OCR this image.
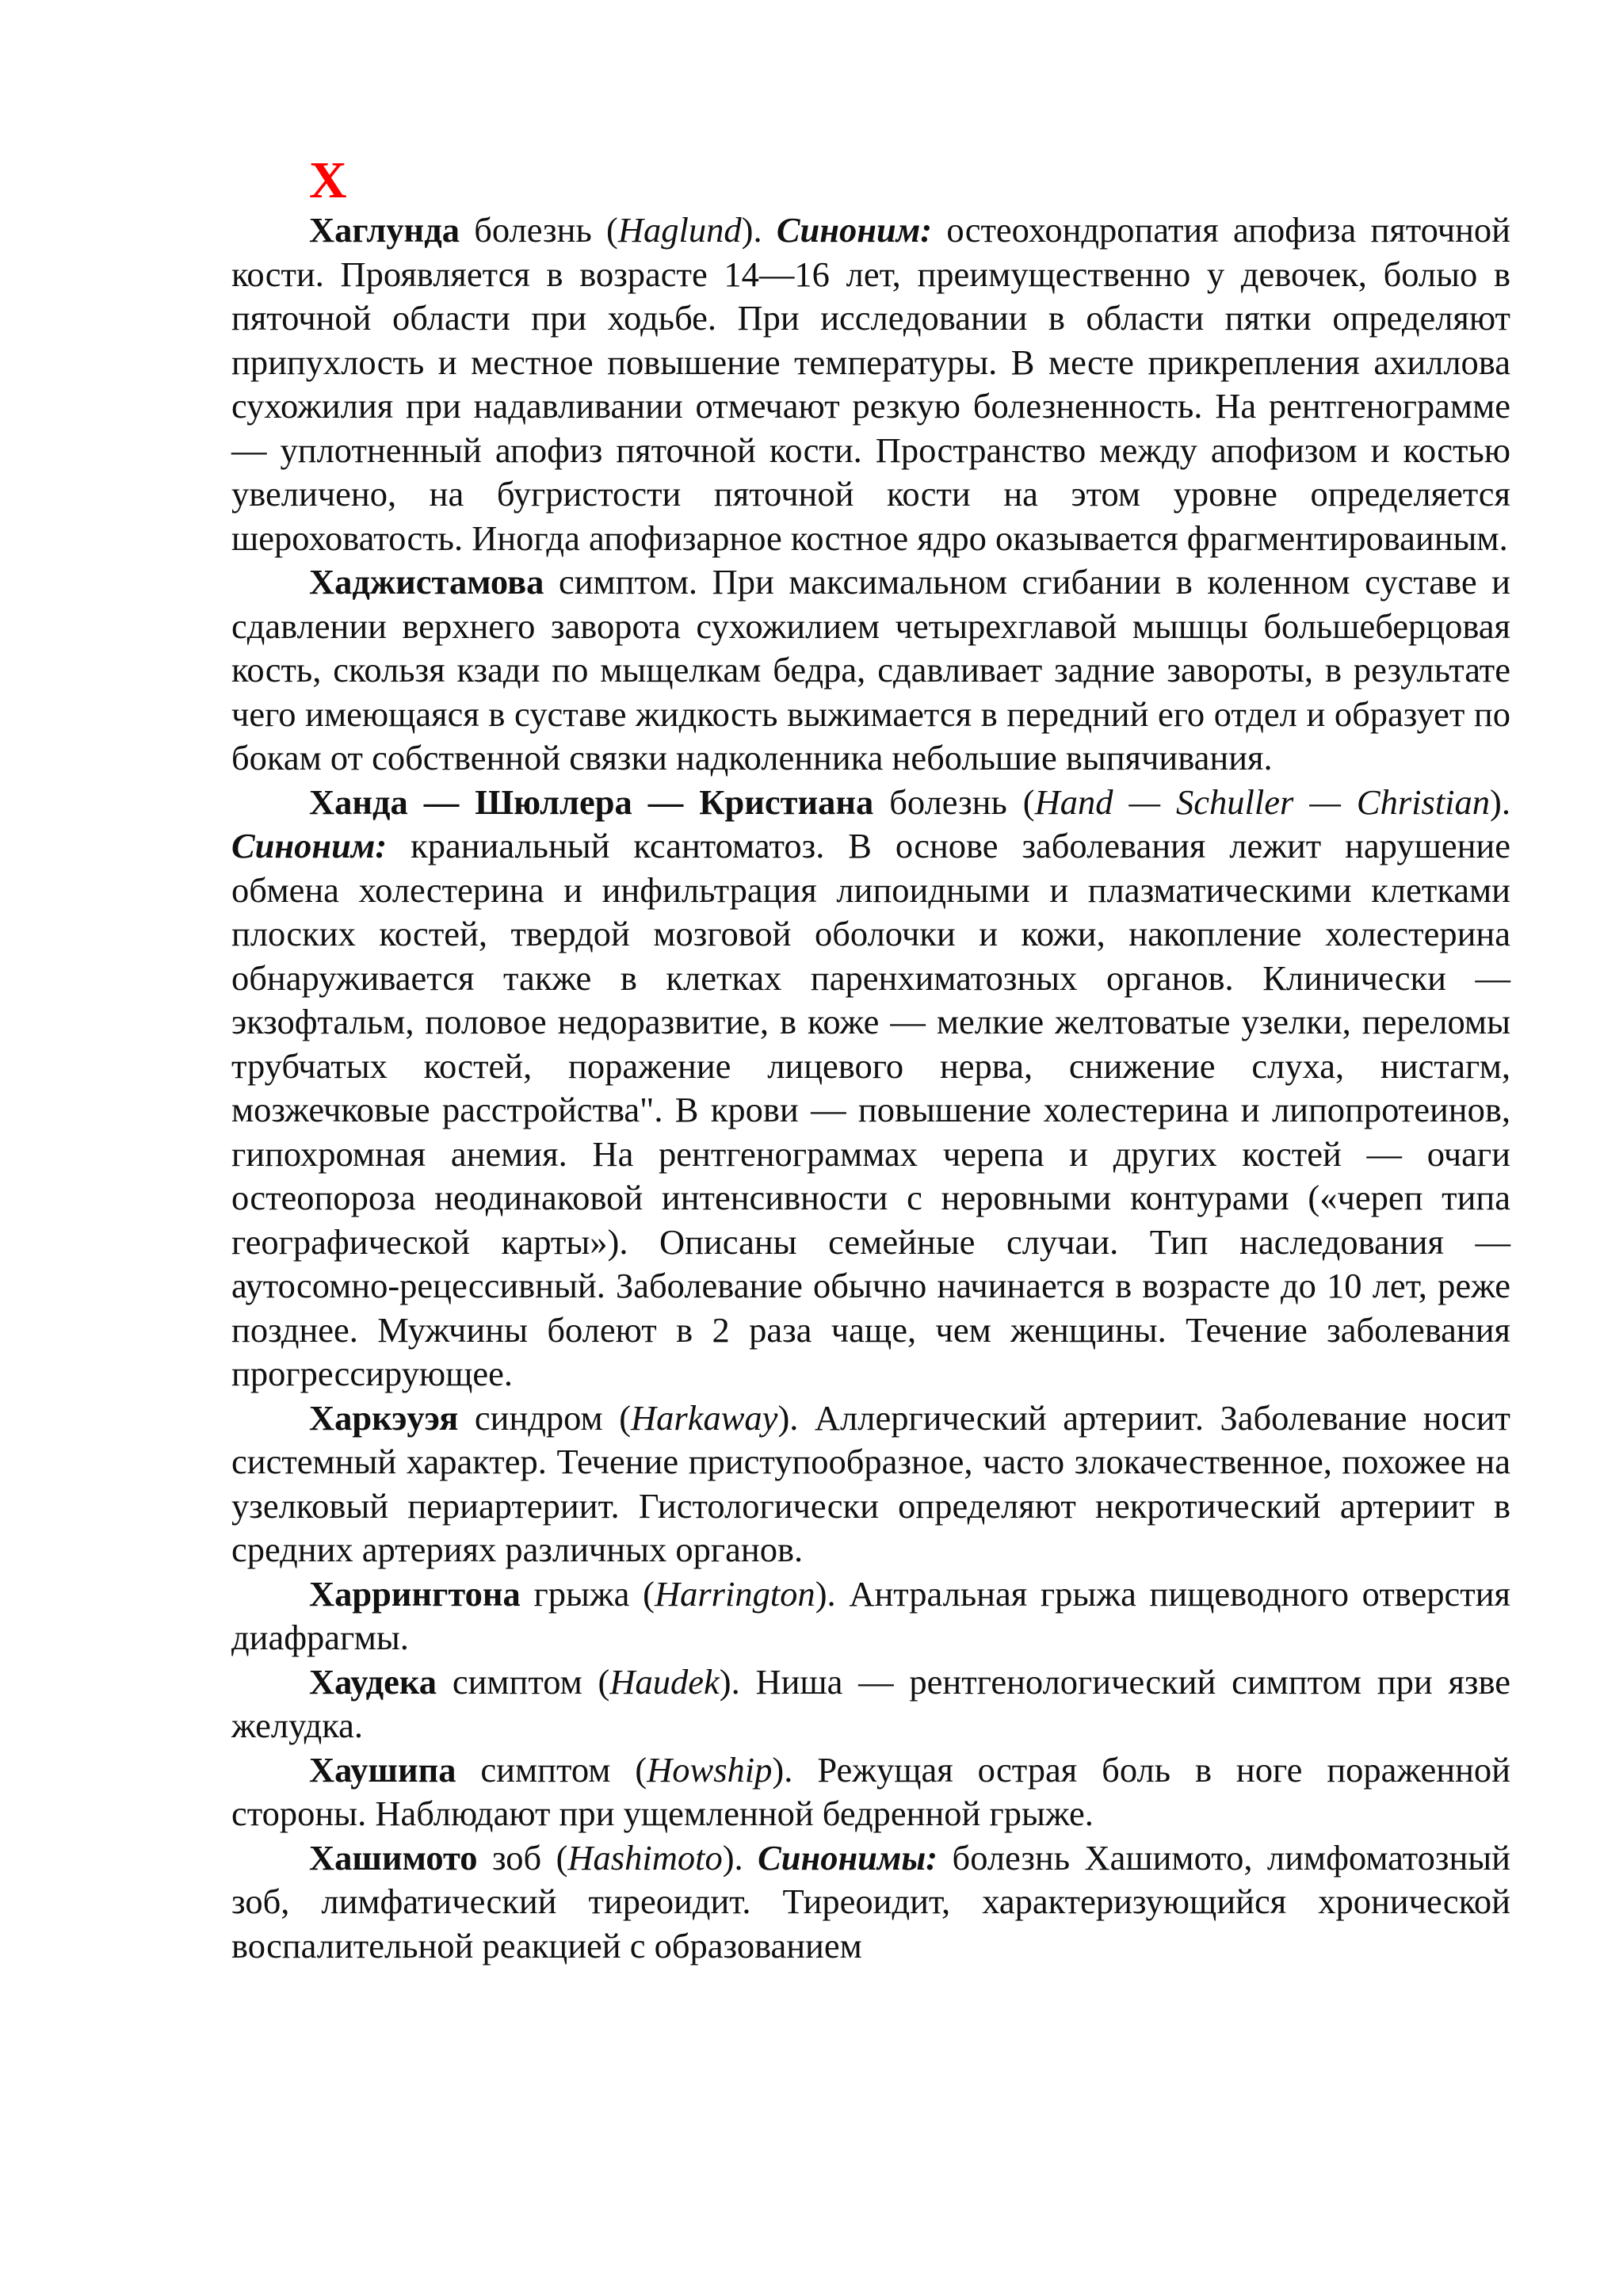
Х

Хаглунда болезнь (Haglund). Синоним: остеохондропатия апофиза пяточной кости. Проявляется в возрасте 14—16 лет, преимущественно у девочек, болыо в пяточной области при ходьбе. При исследовании в области пятки определяют припухлость и местное повышение температуры. В месте прикрепления ахиллова сухожилия при надавливании отмечают резкую болезненность. На рентгенограмме — уплотненный апофиз пяточной кости. Пространство между апофизом и костью увеличено, на бугристости пяточной кости на этом уровне определяется шероховатость. Иногда апофизарное костное ядро оказывается фрагментироваиным.

Хаджистамова симптом. При максимальном сгибании в коленном суставе и сдавлении верхнего заворота сухожилием четырехглавой мышцы большеберцовая кость, скользя кзади по мыщелкам бедра, сдавливает задние завороты, в результате чего имеющаяся в суставе жидкость выжимается в передний его отдел и образует по бокам от собственной связки надколенника небольшие выпячивания.

Ханда — Шюллера — Кристиана болезнь (Hand — Schuller — Christian). Синоним: краниальный ксантоматоз. В основе заболевания лежит нарушение обмена холестерина и инфильтрация липоидными и плазматическими клетками плоских костей, твердой мозговой оболочки и кожи, накопление холестерина обнаруживается также в клетках паренхиматозных органов. Клинически — экзофтальм, половое недоразвитие, в коже — мелкие желтоватые узелки, переломы трубчатых костей, поражение лицевого нерва, снижение слуха, нистагм, мозжечковые расстройства". В крови — повышение холестерина и липопротеинов, гипохромная анемия. На рентгенограммах черепа и других костей — очаги остеопороза неодинаковой интенсивности с неровными контурами («череп типа географической карты»). Описаны семейные случаи. Тип наследования — аутосомно-рецессивный. Заболевание обычно начинается в возрасте до 10 лет, реже позднее. Мужчины болеют в 2 раза чаще, чем женщины. Течение заболевания прогрессирующее.

Харкэуэя синдром (Harkaway). Аллергический артериит. Заболевание носит системный характер. Течение приступообразное, часто злокачественное, похожее на узелковый периартериит. Гистологически определяют некротический артериит в средних артериях различных органов.

Харрингтона грыжа (Harrington). Антральная грыжа пищеводного отверстия диафрагмы.

Хаудека симптом (Haudek). Ниша — рентгенологический симптом при язве желудка.

Хаушипа симптом (Howship). Режущая острая боль в ноге пораженной стороны. Наблюдают при ущемленной бедренной грыже.

Хашимото зоб (Hashimoto). Синонимы: болезнь Хашимото, лимфоматозный зоб, лимфатический тиреоидит. Тиреоидит, характеризующийся хронической воспалительной реакцией с образованием
